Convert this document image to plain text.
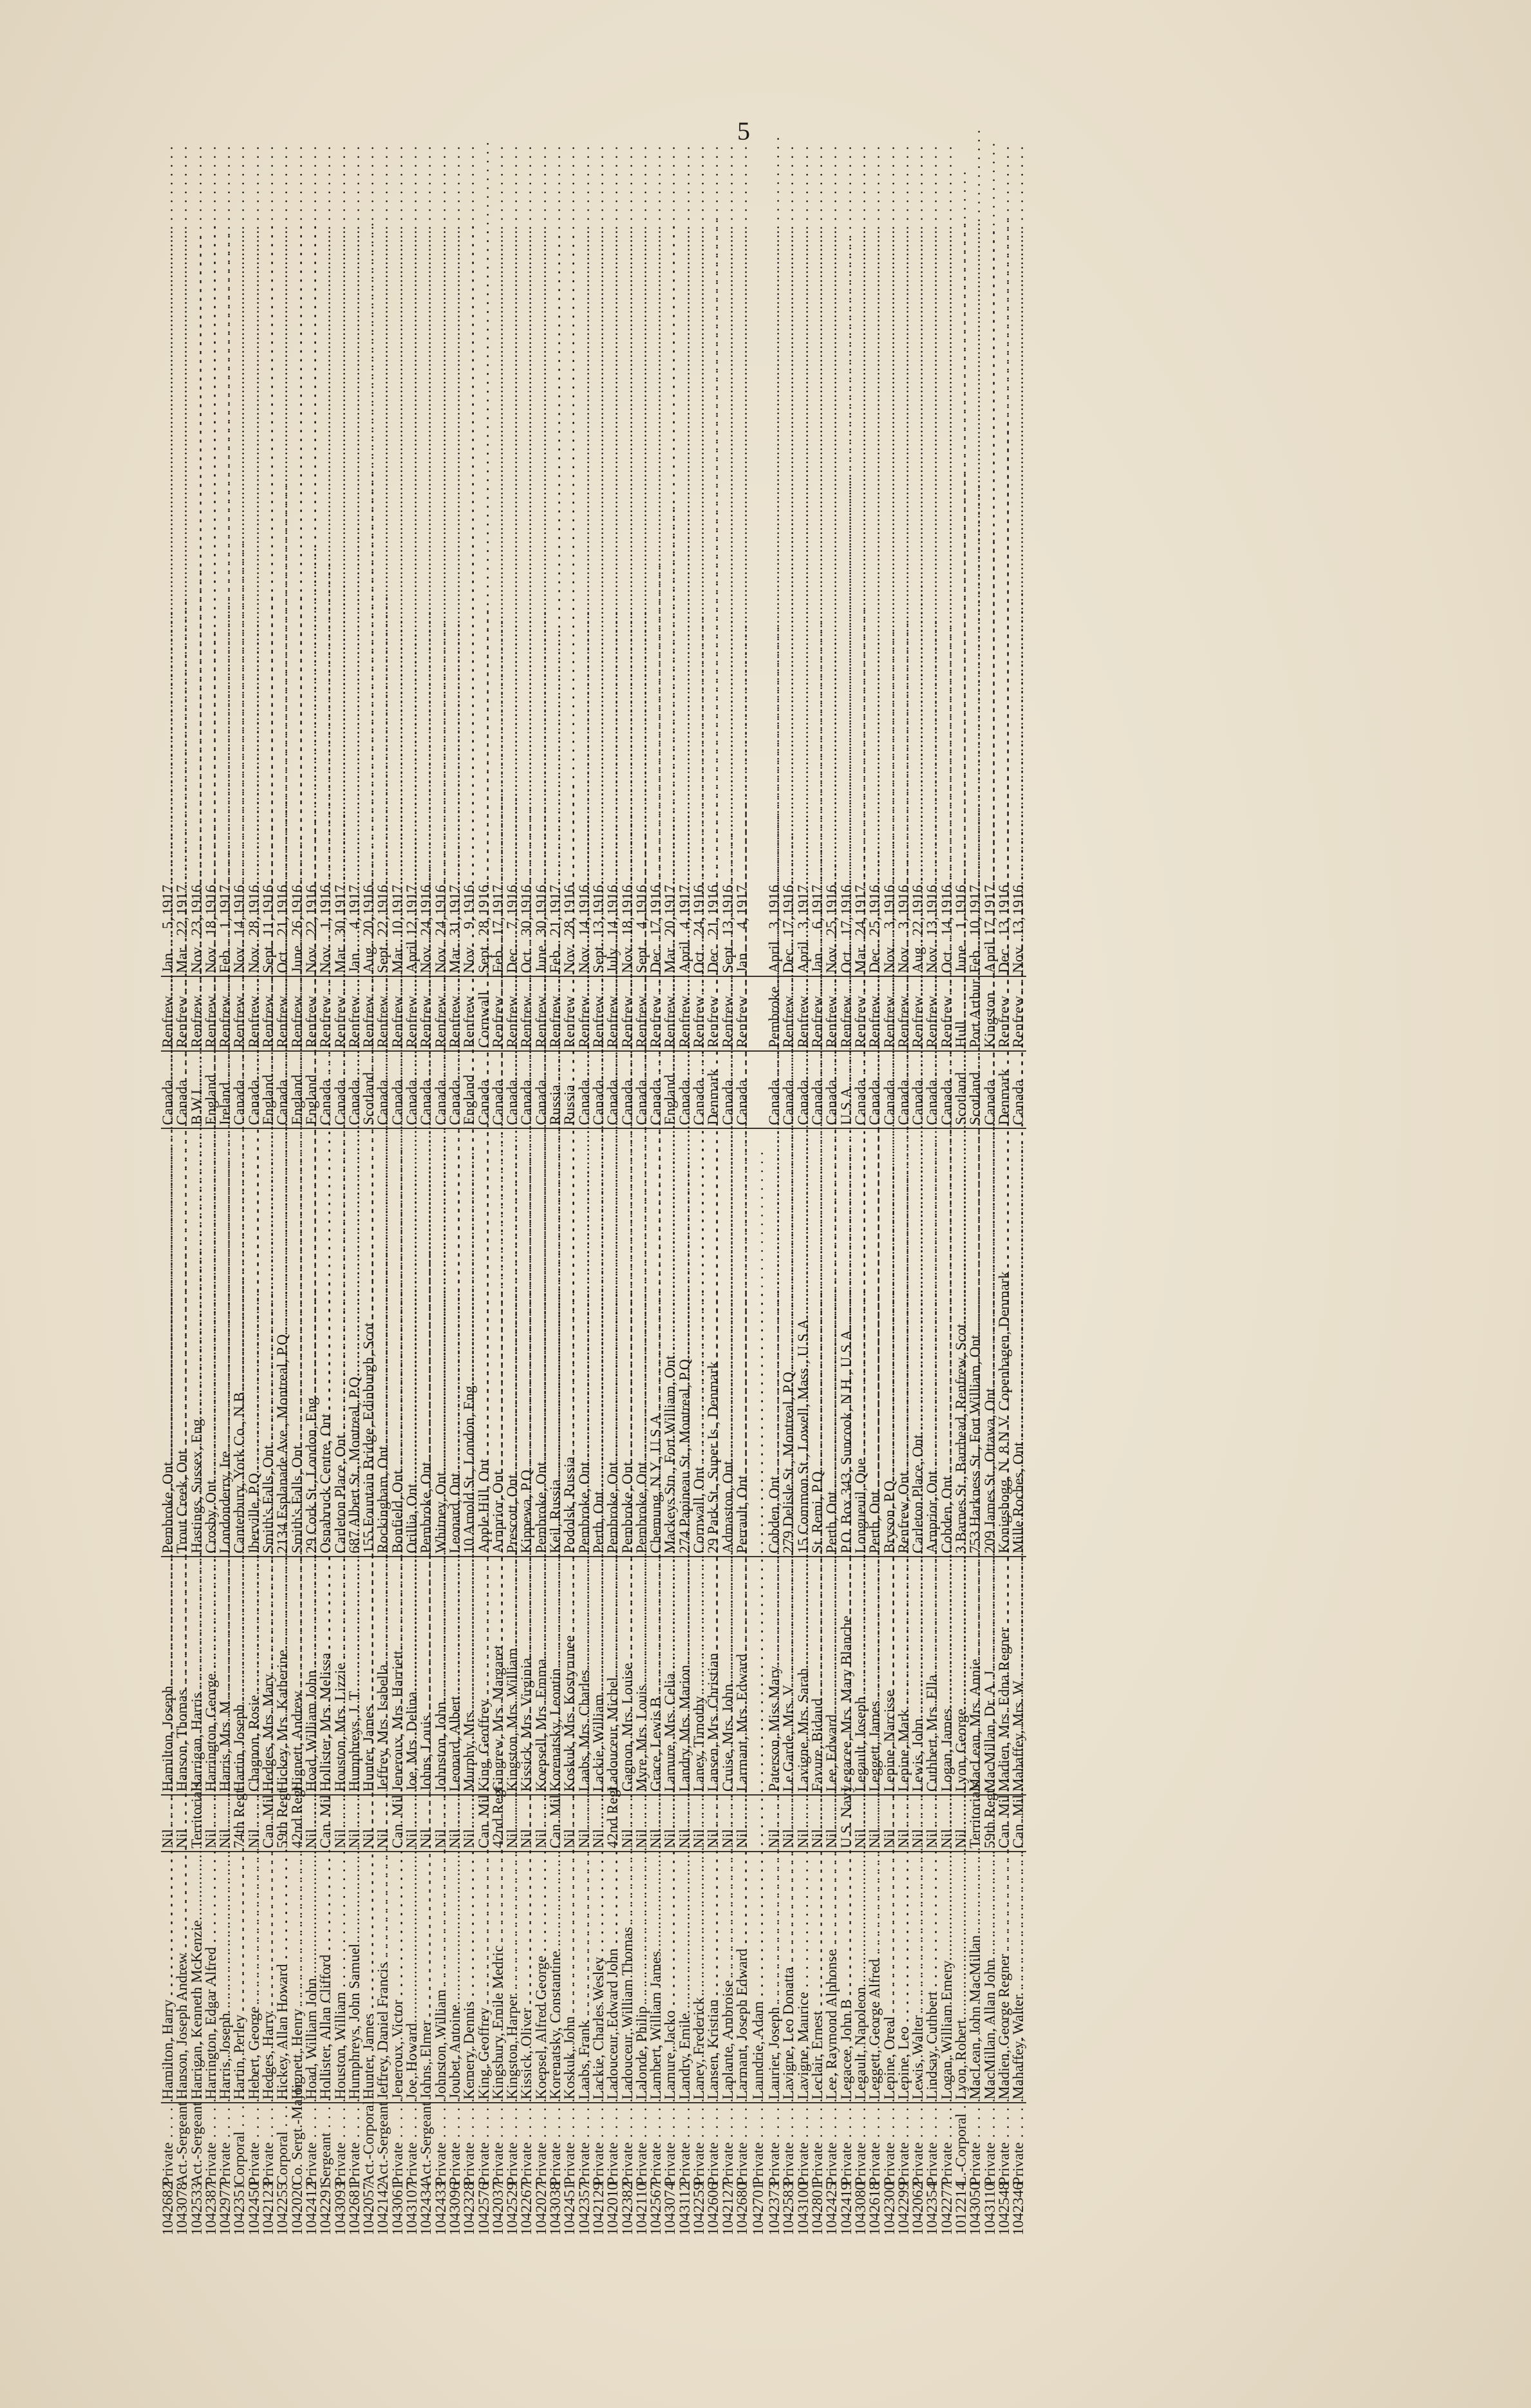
5
1042682	Private . . .	Hamilton, Harry . . .	Nil . . .	Hamilton, Joseph . . .	Pembroke, Ont . . .	Canada . . .	Renfrew . . .	Jan.5,1917.
1043078	Act.-Sergeant . . .	Hanson, Joseph Andrew . . .	Nil . . .	Hanson, Thomas . . .	Trout Creek, Ont . . .	Canada . . .	Renfrew . . .	Mar.22,1917.
1042533	Act.-Sergeant . . .	Harrigan, Kenneth McKenzie . . .	Territorials . . .	Harrigan, Harris . . .	Hastings, Sussex, Eng . . .	B.W.I. . . .	Renfrew . . .	Nov.23,1916.
1042387	Private . . .	Harrington, Edgar Alfred . . .	Nil . . .	Harrington, George . . .	Crosby, Ont . . .	England . . .	Renfrew . . .	Nov.18,1916.
1042977	Private . . .	Harris, Joseph . . .	Nil . . .	Harris, Mrs. M . . .	Londonderry, Ire . . .	Ireland . . .	Renfrew . . .	Feb.1,1917.
1042351	Corporal . . .	Hartin, Perley . . .	74th Regt . . .	Hartin, Joseph . . .	Canterbury, York Co., N.B . . .	Canada . . .	Renfrew . . .	Nov.14,1916.
1042450	Private . . .	Hebert, George . . .	Nil . . .	Chagnon, Rosie . . .	Iberville, P.Q . . .	Canada . . .	Renfrew . . .	Nov.28,1916.
1042123	Private . . .	Hedges, Harry . . .	Can. Mil . . .	Hedges, Mrs. Mary . . .	Smith's Falls, Ont . . .	England . . .	Renfrew . . .	Sept.11,1916.
1042255	Corporal . . .	Hickey, Allan Howard . . .	59th Regt . . .	Hickey, Mrs. Katherine . . .	2134 Esplanade Ave., Montreal, P.Q . . .	Canada . . .	Renfrew . . .	Oct.21,1916.
1042020	Co. Sergt.-Major . . .	Hignett, Henry . . .	42nd Regt . . .	Hignett, Andrew . . .	Smith's Falls, Ont . . .	England . . .	Renfrew . . .	June26,1916.
1042412	Private . . .	Hoad, William John . . .	Nil . . .	Hoad, William John . . .	29 Cork St., London, Eng . . .	England . . .	Renfrew . . .	Nov.22,1916.
1042291	Sergeant . . .	Hollister, Allan Clifford . . .	Can. Mil . . .	Hollister, Mrs. Melissa . . .	Osnabruck Centre, Ont . . .	Canada . . .	Renfrew . . .	Nov.1,1916.
1043093	Private . . .	Houston, William . . .	Nil . . .	Houston, Mrs. Lizzie . . .	Carleton Place, Ont . . .	Canada . . .	Renfrew . . .	Mar.30,1917.
1042681	Private . . .	Humphreys, John Samuel . . .	Nil . . .	Humphreys, J. T . . .	687 Albert St., Montreal, P.Q . . .	Canada . . .	Renfrew . . .	Jan.4,1917.
1042057	Act.-Corporal . . .	Hunter, James . . .	Nil . . .	Hunter, James . . .	155 Fountain Bridge, Edinburgh, Scot . . .	Scotland . . .	Renfrew . . .	Aug.20,1916.
1042142	Act.-Sergeant . . .	Jeffrey, Daniel Francis . . .	Nil . . .	Jeffrey, Mrs. Isabella . . .	Rockingham, Ont . . .	Canada . . .	Renfrew . . .	Sept.22,1916.
1043061	Private . . .	Jeneroux, Victor . . .	Can. Mil . . .	Jeneroux, Mrs. Harriett . . .	Bonfield, Ont . . .	Canada . . .	Renfrew . . .	Mar.10,1917.
1043107	Private . . .	Joe, Howard . . .	Nil . . .	Joe, Mrs. Delina . . .	Orillia, Ont . . .	Canada . . .	Renfrew . . .	April12,1917.
1042434	Act.-Sergeant . . .	Johns, Elmer . . .	Nil . . .	Johns, Louis . . .	Pembroke, Ont . . .	Canada . . .	Renfrew . . .	Nov.24,1916.
1042433	Private . . .	Johnston, William . . .	Nil . . .	Johnston, John . . .	Whitney, Ont . . .	Canada . . .	Renfrew . . .	Nov.24,1916.
1043096	Private . . .	Joubet, Antoine . . .	Nil . . .	Leonard, Albert . . .	Leonard, Ont . . .	Canada . . .	Renfrew . . .	Mar.31,1917.
1042328	Private . . .	Kemery, Dennis . . .	Nil . . .	Murphy, Mrs . . .	10 Arnold St., London, Eng . . .	England . . .	Renfrew . . .	Nov.9,1916.
1042576	Private . . .	King, Geoffrey . . .	Can. Mil . . .	King, Geoffrey . . .	Apple Hill, Ont . . .	Canada . . .	Cornwall . . .	Sept.28,1916.
1042037	Private . . .	Kingsbury, Emile Medric . . .	42nd Regt . . .	Gingrew, Mrs. Margaret . . .	Arnprior, Ont . . .	Canada . . .	Renfrew . . .	Feb.17,1917.
1042529	Private . . .	Kingston, Harper . . .	Nil . . .	Kingston, Mrs. William . . .	Prescott, Ont . . .	Canada . . .	Renfrew . . .	Dec.7,1916.
1042267	Private . . .	Kissick, Oliver . . .	Nil . . .	Kissick, Mrs. Virginia . . .	Kippewa, P.Q . . .	Canada . . .	Renfrew . . .	Oct.30,1916.
1042027	Private . . .	Koepsel, Alfred George . . .	Nil . . .	Koepsell, Mrs. Emma . . .	Pembroke, Ont . . .	Canada . . .	Renfrew . . .	June30,1916.
1043038	Private . . .	Korenatsky, Constantine . . .	Can. Mil . . .	Korenatsky, Leontin . . .	Keil, Russia . . .	Russia . . .	Renfrew . . .	Feb.21,1917.
1042451	Private . . .	Koskuk, John . . .	Nil . . .	Koskuk, Mrs. Kostyrunee . . .	Podolsk, Russia . . .	Russia . . .	Renfrew . . .	Nov.28,1916.
1042357	Private . . .	Laabs, Frank . . .	Nil . . .	Laabs, Mrs. Charles . . .	Pembroke, Ont . . .	Canada . . .	Renfrew . . .	Nov.14,1916.
1042129	Private . . .	Lackie, Charles Wesley . . .	Nil . . .	Lackie, William . . .	Perth, Ont . . .	Canada . . .	Renfrew . . .	Sept.13,1916.
1042010	Private . . .	Ladouceur, Edward John . . .	42nd Regt . . .	Ladouceur, Michel . . .	Pembroke, Ont . . .	Canada . . .	Renfrew . . .	July14,1916.
1042382	Private . . .	Ladouceur, William Thomas . . .	Nil . . .	Gagnon, Mrs. Louise . . .	Pembroke, Ont . . .	Canada . . .	Renfrew . . .	Nov.18,1916.
1042110	Private . . .	Lalonde, Philip . . .	Nil . . .	Myre, Mrs. Louis . . .	Pembroke, Ont . . .	Canada . . .	Renfrew . . .	Sept.4,1916.
1042567	Private . . .	Lambert, William James . . .	Nil . . .	Grace, Lewis B . . .	Chemung, N.Y., U.S.A . . .	Canada . . .	Renfrew . . .	Dec.17,1916.
1043074	Private . . .	Lamure, Jacko . . .	Nil . . .	Lamure, Mrs. Celia . . .	Mackeys Stn., Fort William, Ont . . .	England . . .	Renfrew . . .	Mar.20,1917.
1043112	Private . . .	Landry, Emile . . .	Nil . . .	Landry, Mrs. Marion . . .	274 Papineau St., Montreal, P.Q . . .	Canada . . .	Renfrew . . .	April4,1917.
1042259	Private . . .	Laney, Frederick . . .	Nil . . .	Laney, Timothy . . .	Cornwall, Ont . . .	Canada . . .	Renfrew . . .	Oct.24,1916.
1042606	Private . . .	Lansen, Kristian . . .	Nil . . .	Lansen, Mrs. Christian . . .	29 Park St., Super Is., Denmark . . .	Denmark . . .	Renfrew . . .	Dec.21,1916.
1042127	Private . . .	Laplante, Ambroise . . .	Nil . . .	Cruise, Mrs. John . . .	Admaston, Ont . . .	Canada . . .	Renfrew . . .	Sept.13,1916.
1042680	Private . . .	Larmant, Joseph Edward . . .	Nil . . .	Larmant, Mrs. Edward . . .	Perrault, Ont . . .	Canada . . .	Renfrew . . .	Jan.4,1917.
1042701	Private . . .	Laundrie, Adam . . .						
1042373	Private . . .	Laurier, Joseph . . .	Nil . . .	Paterson, Miss Mary . . .	Cobden, Ont . . .	Canada . . .	Pembroke . . .	April3,1916.
1042583	Private . . .	Lavigne, Leo Donatta . . .	Nil . . .	Le Garde, Mrs. V . . .	279 Delisle St., Montreal, P.Q . . .	Canada . . .	Renfrew . . .	Dec.17,1916.
1043100	Private . . .	Lavigne, Maurice . . .	Nil . . .	Lavigne, Mrs. Sarah . . .	15 Common St., Lowell, Mass., U.S.A . . .	Canada . . .	Renfrew . . .	April3,1917.
1042801	Private . . .	Leclair, Ernest . . .	Nil . . .	Favure, Bidaud . . .	St. Remi, P.Q . . .	Canada . . .	Renfrew . . .	Jan.6,1917.
1042425	Private . . .	Lee, Raymond Alphonse . . .	Nil . . .	Lee, Edward . . .	Perth, Ont . . .	Canada . . .	Renfrew . . .	Nov.25,1916.
1042419	Private . . .	Legacee, John B . . .	U.S. Navy . . .	Legacee, Mrs. Mary Blanche . . .	P.O. Box 343, Suncook, N.H., U.S.A . . .	U.S.A . . .	Renfrew . . .	Oct.17,1916.
1043080	Private . . .	Legault, Napoleon . . .	Nil . . .	Legault, Joseph . . .	Longueuil, Que . . .	Canada . . .	Renfrew . . .	Mar.24,1917.
1042618	Private . . .	Leggett, George Alfred . . .	Nil . . .	Leggett, James . . .	Perth, Ont . . .	Canada . . .	Renfrew . . .	Dec.25,1916.
1042300	Private . . .	Lepine, Oreal . . .	Nil . . .	Lepine, Narcisse . . .	Bryson, P.Q . . .	Canada . . .	Renfrew . . .	Nov.3,1916.
1042299	Private . . .	Lepine, Leo . . .	Nil . . .	Lepine, Mark . . .	Renfrew, Ont . . .	Canada . . .	Renfrew . . .	Nov.3,1916.
1042062	Private . . .	Lewis, Walter . . .	Nil . . .	Lewis, John . . .	Carleton Place, Ont . . .	Canada . . .	Renfrew . . .	Aug.22,1916.
1042354	Private . . .	Lindsay, Cuthbert . . .	Nil . . .	Cuthbert, Mrs. Ella . . .	Arnprior, Ont . . .	Canada . . .	Renfrew . . .	Nov.13,1916.
1042277	Private . . .	Logan, William Emery . . .	Nil . . .	Logan, James . . .	Cobden, Ont . . .	Canada . . .	Renfrew . . .	Oct.14,1916.
1012214	L.-Corporal . . .	Lyon, Robert . . .	Nil . . .	Lyon, George . . .	3 Barnes St., Barrhead, Renfrew, Scot . . .	Scotland . . .	Hull . . .	June1,1916.
1043050	Private . . .	MacLean, John MacMillan . . .	Territorials . . .	MacLean, Mrs. Annie . . .	753 Harkness St., Fort William, Ont . . .	Scotland . . .	Port Arthur . . .	Feb.10,1917.
1043110	Private . . .	MacMillan, Allan John . . .	59th Regt . . .	MacMillan, Dr. A. J . . .	209 James St., Ottawa, Ont . . .	Canada . . .	Kingston . . .	April17,1917.
1042548	Private . . .	Madien, George Regner . . .	Can. Mil . . .	Madien, Mrs. Edna Regner . . .	Konigshogg, N. 8 N.V. Copenhagen, Denmark . . .	Denmark . . .	Renfrew . . .	Dec.13,1916.
1042346	Private . . .	Mahaffey, Walter . . .	Can. Mil . . .	Mahaffey, Mrs. W . . .	Mille Roches, Ont . . .	Canada . . .	Renfrew . . .	Nov.13,1916.
